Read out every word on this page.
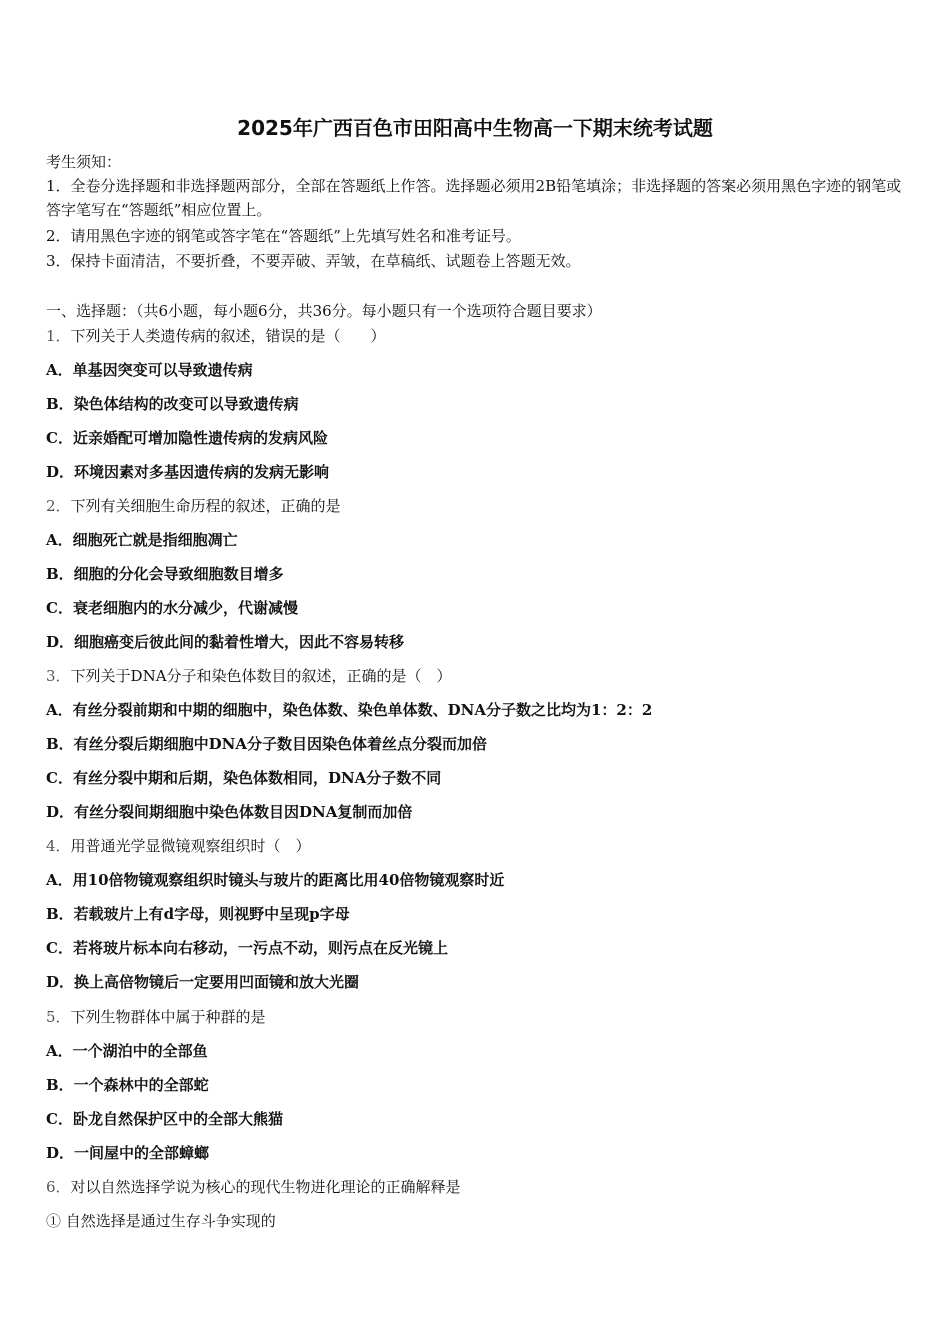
2025年广西百色市田阳高中生物高一下期末统考试题
考生须知：
1．全卷分选择题和非选择题两部分，全部在答题纸上作答。选择题必须用2B铅笔填涂；非选择题的答案必须用黑色字迹的钢笔或答字笔写在“答题纸”相应位置上。
2．请用黑色字迹的钢笔或答字笔在“答题纸”上先填写姓名和准考证号。
3．保持卡面清洁，不要折叠，不要弄破、弄皱，在草稿纸、试题卷上答题无效。
一、选择题：（共6小题，每小题6分，共36分。每小题只有一个选项符合题目要求）
1．下列关于人类遗传病的叙述，错误的是（　　）
A．单基因突变可以导致遗传病
B．染色体结构的改变可以导致遗传病
C．近亲婚配可增加隐性遗传病的发病风险
D．环境因素对多基因遗传病的发病无影响
2．下列有关细胞生命历程的叙述，正确的是
A．细胞死亡就是指细胞凋亡
B．细胞的分化会导致细胞数目增多
C．衰老细胞内的水分减少，代谢减慢
D．细胞癌变后彼此间的黏着性增大，因此不容易转移
3．下列关于DNA分子和染色体数目的叙述，正确的是（　）
A．有丝分裂前期和中期的细胞中，染色体数、染色单体数、DNA分子数之比均为1：2：2
B．有丝分裂后期细胞中DNA分子数目因染色体着丝点分裂而加倍
C．有丝分裂中期和后期，染色体数相同，DNA分子数不同
D．有丝分裂间期细胞中染色体数目因DNA复制而加倍
4．用普通光学显微镜观察组织时（　）
A．用10倍物镜观察组织时镜头与玻片的距离比用40倍物镜观察时近
B．若载玻片上有d字母，则视野中呈现p字母
C．若将玻片标本向右移动，一污点不动，则污点在反光镜上
D．换上高倍物镜后一定要用凹面镜和放大光圈
5．下列生物群体中属于种群的是
A．一个湖泊中的全部鱼
B．一个森林中的全部蛇
C．卧龙自然保护区中的全部大熊猫
D．一间屋中的全部蟑螂
6．对以自然选择学说为核心的现代生物进化理论的正确解释是
① 自然选择是通过生存斗争实现的
